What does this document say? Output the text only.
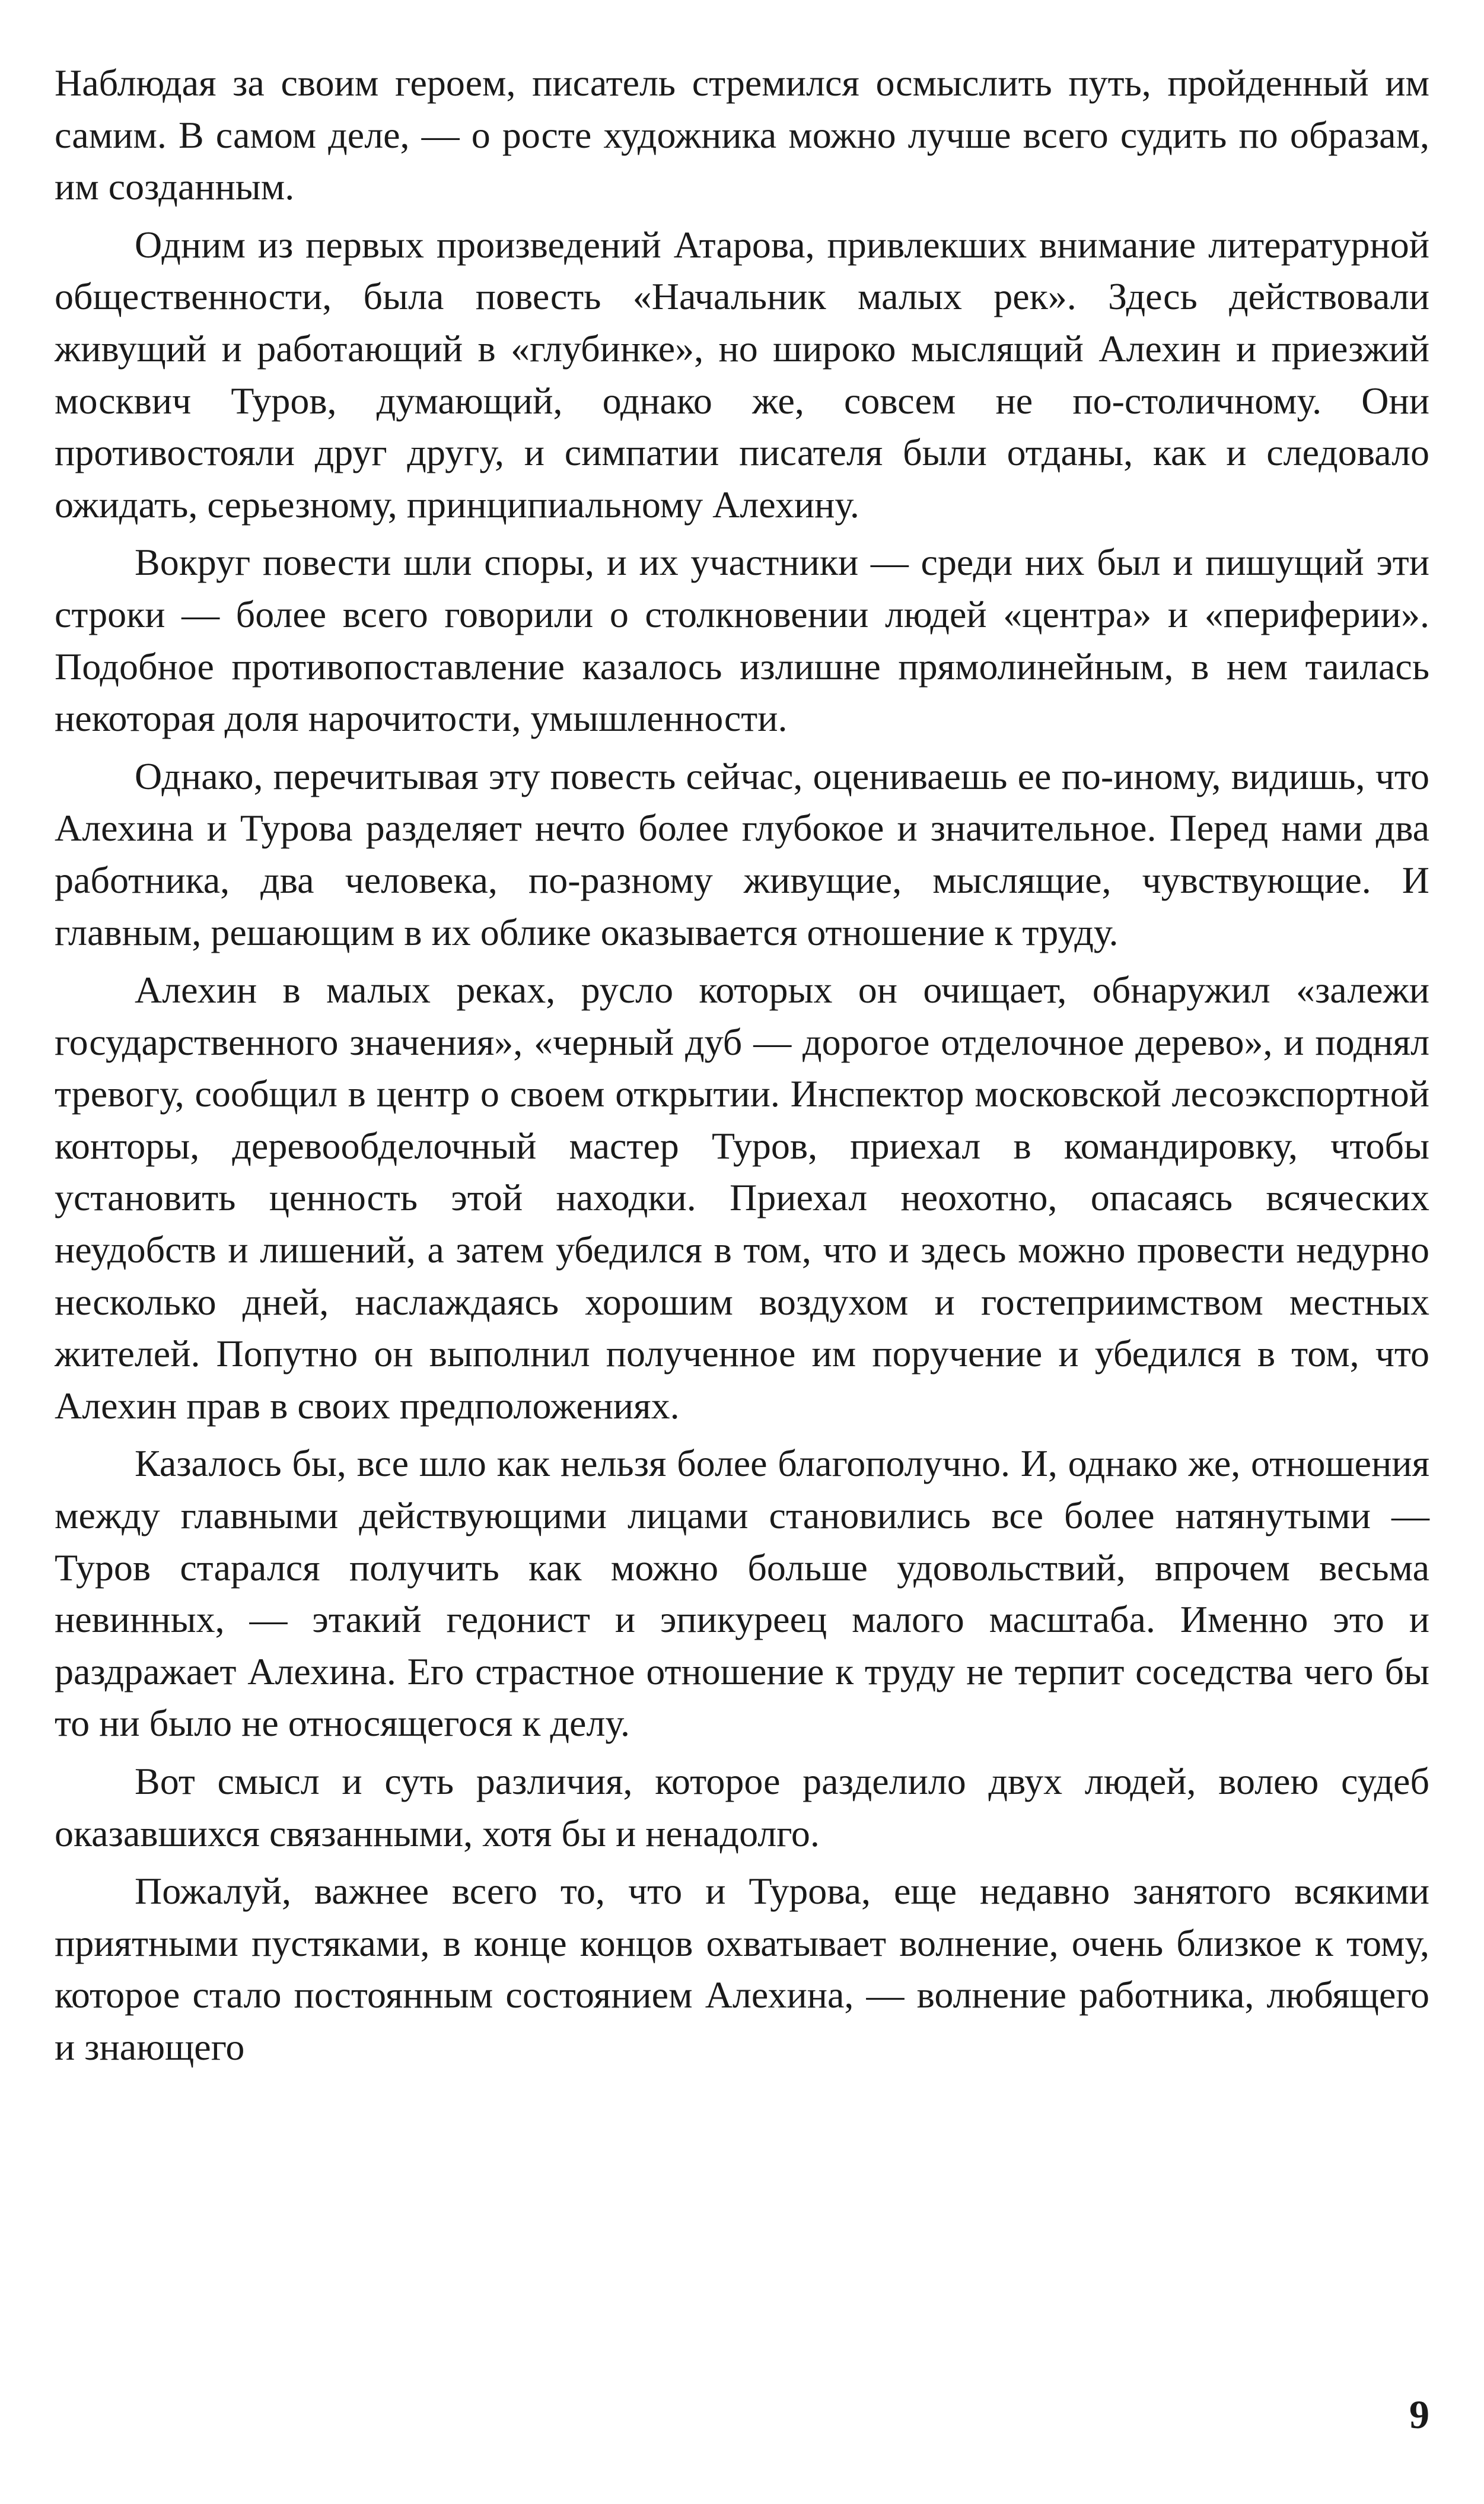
Наблюдая за своим героем, писатель стремился осмыслить путь, пройденный им самим. В самом деле, — о росте художника можно лучше всего судить по образам, им созданным.

Одним из первых произведений Атарова, привлекших внимание литературной общественности, была повесть «Начальник малых рек». Здесь действовали живущий и работающий в «глубинке», но широко мыслящий Алехин и приезжий москвич Туров, думающий, однако же, совсем не по-столичному. Они противостояли друг другу, и симпатии писателя были отданы, как и следовало ожидать, серьезному, принципиальному Алехину.

Вокруг повести шли споры, и их участники — среди них был и пишущий эти строки — более всего говорили о столкновении людей «центра» и «периферии». Подобное противопоставление казалось излишне прямолинейным, в нем таилась некоторая доля нарочитости, умышленности.

Однако, перечитывая эту повесть сейчас, оцениваешь ее по-иному, видишь, что Алехина и Турова разделяет нечто более глубокое и значительное. Перед нами два работника, два человека, по-разному живущие, мыслящие, чувствующие. И главным, решающим в их облике оказывается отношение к труду.

Алехин в малых реках, русло которых он очищает, обнаружил «залежи государственного значения», «черный дуб — дорогое отделочное дерево», и поднял тревогу, сообщил в центр о своем открытии. Инспектор московской лесоэкспортной конторы, деревообделочный мастер Туров, приехал в командировку, чтобы установить ценность этой находки. Приехал неохотно, опасаясь всяческих неудобств и лишений, а затем убедился в том, что и здесь можно провести недурно несколько дней, наслаждаясь хорошим воздухом и гостеприимством местных жителей. Попутно он выполнил полученное им поручение и убедился в том, что Алехин прав в своих предположениях.

Казалось бы, все шло как нельзя более благополучно. И, однако же, отношения между главными действующими лицами становились все более натянутыми — Туров старался получить как можно больше удовольствий, впрочем весьма невинных, — этакий гедонист и эпикуреец малого масштаба. Именно это и раздражает Алехина. Его страстное отношение к труду не терпит соседства чего бы то ни было не относящегося к делу.

Вот смысл и суть различия, которое разделило двух людей, волею судеб оказавшихся связанными, хотя бы и ненадолго.

Пожалуй, важнее всего то, что и Турова, еще недавно занятого всякими приятными пустяками, в конце концов охватывает волнение, очень близкое к тому, которое стало постоянным состоянием Алехина, — волнение работника, любящего и знающего

9
